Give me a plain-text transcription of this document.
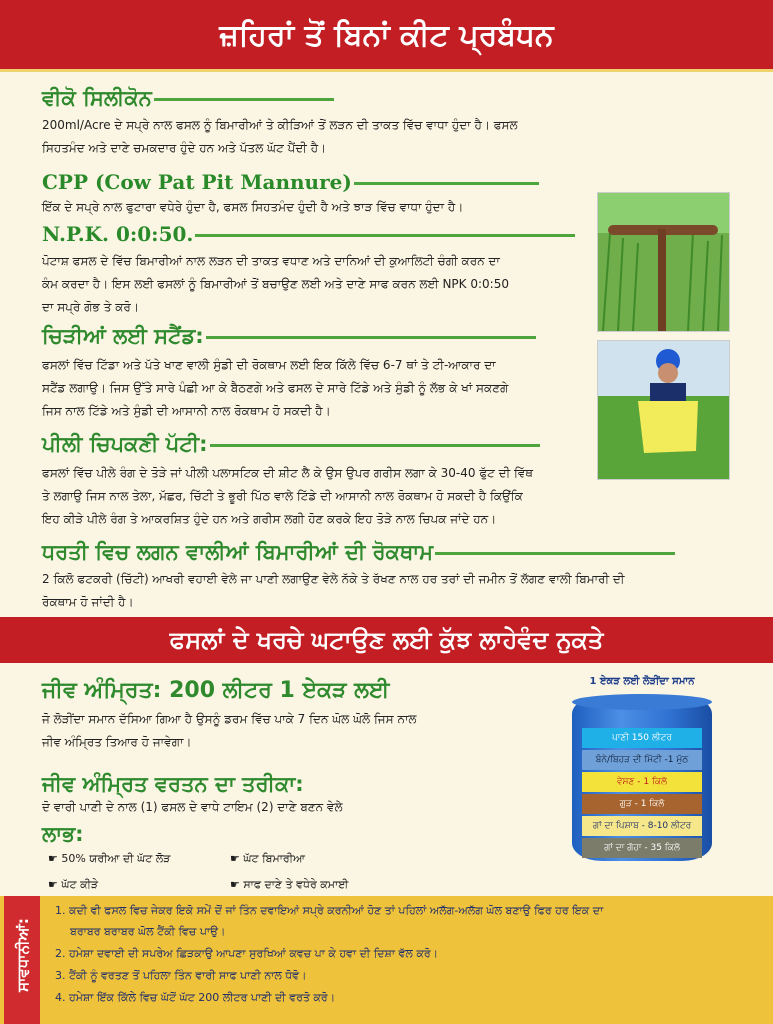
ਜ਼ਹਿਰਾਂ ਤੋਂ ਬਿਨਾਂ ਕੀਟ ਪ੍ਰਬੰਧਨ
ਵੀਕੋ ਸਿਲੀਕੋਨ
200ml/Acre ਦੇ ਸਪ੍ਰੇ ਨਾਲ ਫਸਲ ਨੂੰ ਬਿਮਾਰੀਆਂ ਤੇ ਕੀੜਿਆਂ ਤੋਂ ਲੜਨ ਦੀ ਤਾਕਤ ਵਿੱਚ ਵਾਧਾ ਹੁੰਦਾ ਹੈ। ਫਸਲ
ਸਿਹਤਮੰਦ ਅਤੇ ਦਾਣੇ ਚਮਕਦਾਰ ਹੁੰਦੇ ਹਨ ਅਤੇ ਪੱਤਲ ਘੱਟ ਪੈਂਦੀ ਹੈ।
CPP (Cow Pat Pit Mannure)
ਇੱਕ ਦੇ ਸਪ੍ਰੇ ਨਾਲ ਫੁਟਾਰਾ ਵਧੇਰੇ ਹੁੰਦਾ ਹੈ, ਫਸਲ ਸਿਹਤਮੰਦ ਹੁੰਦੀ ਹੈ ਅਤੇ ਝਾੜ ਵਿੱਚ ਵਾਧਾ ਹੁੰਦਾ ਹੈ।
N.P.K. 0:0:50.
ਪੋਟਾਸ਼ ਫਸਲ ਦੇ ਵਿੱਚ ਬਿਮਾਰੀਆਂ ਨਾਲ ਲੜਨ ਦੀ ਤਾਕਤ ਵਧਾਣ ਅਤੇ ਦਾਨਿਆਂ ਦੀ ਕੁਆਲਿਟੀ ਚੰਗੀ ਕਰਨ ਦਾ
ਕੰਮ ਕਰਦਾ ਹੈ। ਇਸ ਲਈ ਫਸਲਾਂ ਨੂੰ ਬਿਮਾਰੀਆਂ ਤੋਂ ਬਚਾਉਣ ਲਈ ਅਤੇ ਦਾਣੇ ਸਾਫ ਕਰਨ ਲਈ NPK 0:0:50
ਦਾ ਸਪ੍ਰੇ ਗੋਭ ਤੇ ਕਰੋ।
ਚਿੜੀਆਂ ਲਈ ਸਟੈਂਡ:
ਫਸਲਾਂ ਵਿੱਚ ਟਿੱਡਾ ਅਤੇ ਪੱਤੇ ਖਾਣ ਵਾਲੀ ਸੁੰਡੀ ਦੀ ਰੋਕਥਾਮ ਲਈ ਇਕ ਕਿੱਲੇ ਵਿੱਚ 6-7 ਥਾਂ ਤੇ ਟੀ-ਆਕਾਰ ਦਾ
ਸਟੈਂਡ ਲਗਾਉ। ਜਿਸ ਉੱਤੇ ਸਾਰੇ ਪੰਛੀ ਆ ਕੇ ਬੈਠਣਗੇ ਅਤੇ ਫਸਲ ਦੇ ਸਾਰੇ ਟਿੱਡੇ ਅਤੇ ਸੁੰਡੀ ਨੂੰ ਲੱਭ ਕੇ ਖਾਂ ਸਕਣਗੇ
ਜਿਸ ਨਾਲ ਟਿੱਡੇ ਅਤੇ ਸੁੰਡੀ ਦੀ ਆਸਾਨੀ ਨਾਲ ਰੋਕਥਾਮ ਹੋ ਸਕਦੀ ਹੈ।
ਪੀਲੀ ਚਿਪਕਣੀ ਪੱਟੀ:
ਫਸਲਾਂ ਵਿੱਚ ਪੀਲੇ ਰੰਗ ਦੇ ਤੋੜੇ ਜਾਂ ਪੀਲੀ ਪਲਾਸਟਿਕ ਦੀ ਸ਼ੀਟ ਲੈ ਕੇ ਉਸ ਉਪਰ ਗਰੀਸ ਲਗਾ ਕੇ 30-40 ਫੁੱਟ ਦੀ ਵਿੱਥ
ਤੇ ਲਗਾਉ ਜਿਸ ਨਾਲ ਤੇਲਾ, ਮੱਛਰ, ਚਿੱਟੀ ਤੇ ਭੂਰੀ ਪਿੱਠ ਵਾਲੇ ਟਿੱਡੇ ਦੀ ਆਸਾਨੀ ਨਾਲ ਰੋਕਥਾਮ ਹੋ ਸਕਦੀ ਹੈ ਕਿਉਂਕਿ
ਇਹ ਕੀੜੇ ਪੀਲੇ ਰੰਗ ਤੇ ਆਕਰਸ਼ਿਤ ਹੁੰਦੇ ਹਨ ਅਤੇ ਗਰੀਸ ਲਗੀ ਹੋਣ ਕਰਕੇ ਇਹ ਤੋੜੇ ਨਾਲ ਚਿਪਕ ਜਾਂਦੇ ਹਨ।
ਧਰਤੀ ਵਿਚ ਲਗਨ ਵਾਲੀਆਂ ਬਿਮਾਰੀਆਂ ਦੀ ਰੋਕਥਾਮ
2 ਕਿਲੋ ਫਟਕਰੀ (ਚਿੱਟੀ) ਆਖਰੀ ਵਹਾਈ ਵੇਲੇ ਜਾ ਪਾਣੀ ਲਗਾਉਣ ਵੇਲੇ ਨੱਕੇ ਤੇ ਰੱਖਣ ਨਾਲ ਹਰ ਤਰਾਂ ਦੀ ਜਮੀਨ ਤੋਂ ਲੱਗਣ ਵਾਲੀ ਬਿਮਾਰੀ ਦੀ
ਰੋਕਥਾਮ ਹੋ ਜਾਂਦੀ ਹੈ।
ਫਸਲਾਂ ਦੇ ਖਰਚੇ ਘਟਾਉਣ ਲਈ ਕੁੱਝ ਲਾਹੇਵੰਦ ਨੁਕਤੇ
ਜੀਵ ਅੰਮ੍ਰਿਤ: 200 ਲੀਟਰ 1 ਏਕੜ ਲਈ
ਜੋ ਲੋੜੀਂਦਾ ਸਮਾਨ ਦੱਸਿਆ ਗਿਆ ਹੈ ਉਸਨੂੰ ਡਰਮ ਵਿੱਚ ਪਾਕੇ 7 ਦਿਨ ਘੋਲ ਘੋਲੋ ਜਿਸ ਨਾਲ
ਜੀਵ ਅੰਮ੍ਰਿਤ ਤਿਆਰ ਹੋ ਜਾਵੇਗਾ।
ਜੀਵ ਅੰਮ੍ਰਿਤ ਵਰਤਨ ਦਾ ਤਰੀਕਾ:
ਦੋ ਵਾਰੀ ਪਾਣੀ ਦੇ ਨਾਲ (1) ਫਸਲ ਦੇ ਵਾਧੇ ਟਾਇਮ (2) ਦਾਣੇ ਬਣਨ ਵੇਲੇ
ਲਾਭ:
☛ 50% ਯਰੀਆ ਦੀ ਘੱਟ ਲੋੜ	☛ ਘੱਟ ਬਿਮਾਰੀਆ
☛ ਘੱਟ ਕੀੜੇ	☛ ਸਾਫ ਦਾਣੇ ਤੇ ਵਧੇਰੇ ਕਮਾਈ
1 ਏਕੜ ਲਈ ਲੋੜੀਂਦਾ ਸਮਾਨ
ਪਾਣੀ 150 ਲੀਟਰ
ਬੰਨੇ/ਬਿਹੜ ਦੀ ਮਿੱਟੀ -1 ਮੁੱਠ
ਵੇਸਣ - 1 ਕਿਲੋ
ਗੁੜ - 1 ਕਿਲੋ
ਗਾਂ ਦਾ ਪਿਸ਼ਾਬ - 8-10 ਲੀਟਰ
ਗਾਂ ਦਾ ਗੋਹਾ - 35 ਕਿਲੋ
ਸਾਵਧਾਨੀਆਂ:
1. ਕਦੀ ਵੀ ਫਸਲ ਵਿਚ ਜੇਕਰ ਇਕੋ ਸਮੇਂ ਦੋਂ ਜਾਂ ਤਿੰਨ ਦਵਾਇਆਂ ਸਪ੍ਰੇ ਕਰਨੀਆਂ ਹੋਣ ਤਾਂ ਪਹਿਲਾਂ ਅਲੱਗ-ਅਲੱਗ ਘੋਲ ਬਣਾਉ ਫਿਰ ਹਰ ਇਕ ਦਾ
ਬਰਾਬਰ ਬਰਾਬਰ ਘੋਲ ਟੈਂਕੀ ਵਿਚ ਪਾਉ।
2. ਹਮੇਸ਼ਾ ਦਵਾਈ ਦੀ ਸਪਰੇਅ ਛਿੜਕਾਉ ਆਪਣਾ ਸੁਰਖਿਆਂ ਕਵਚ ਪਾ ਕੇ ਹਵਾ ਦੀ ਦਿਸ਼ਾ ਵੱਲ ਕਰੋ।
3. ਟੈਂਕੀ ਨੂੰ ਵਰਤਣ ਤੋਂ ਪਹਿਲਾ ਤਿੰਨ ਵਾਰੀ ਸਾਫ ਪਾਣੀ ਨਾਲ ਧੋਵੋ।
4. ਹਮੇਸ਼ਾ ਇੱਕ ਕਿੱਲੇ ਵਿਚ ਘੱਟੋਂ ਘੱਟ 200 ਲੀਟਰ ਪਾਣੀ ਦੀ ਵਰਤੋ ਕਰੋ।
